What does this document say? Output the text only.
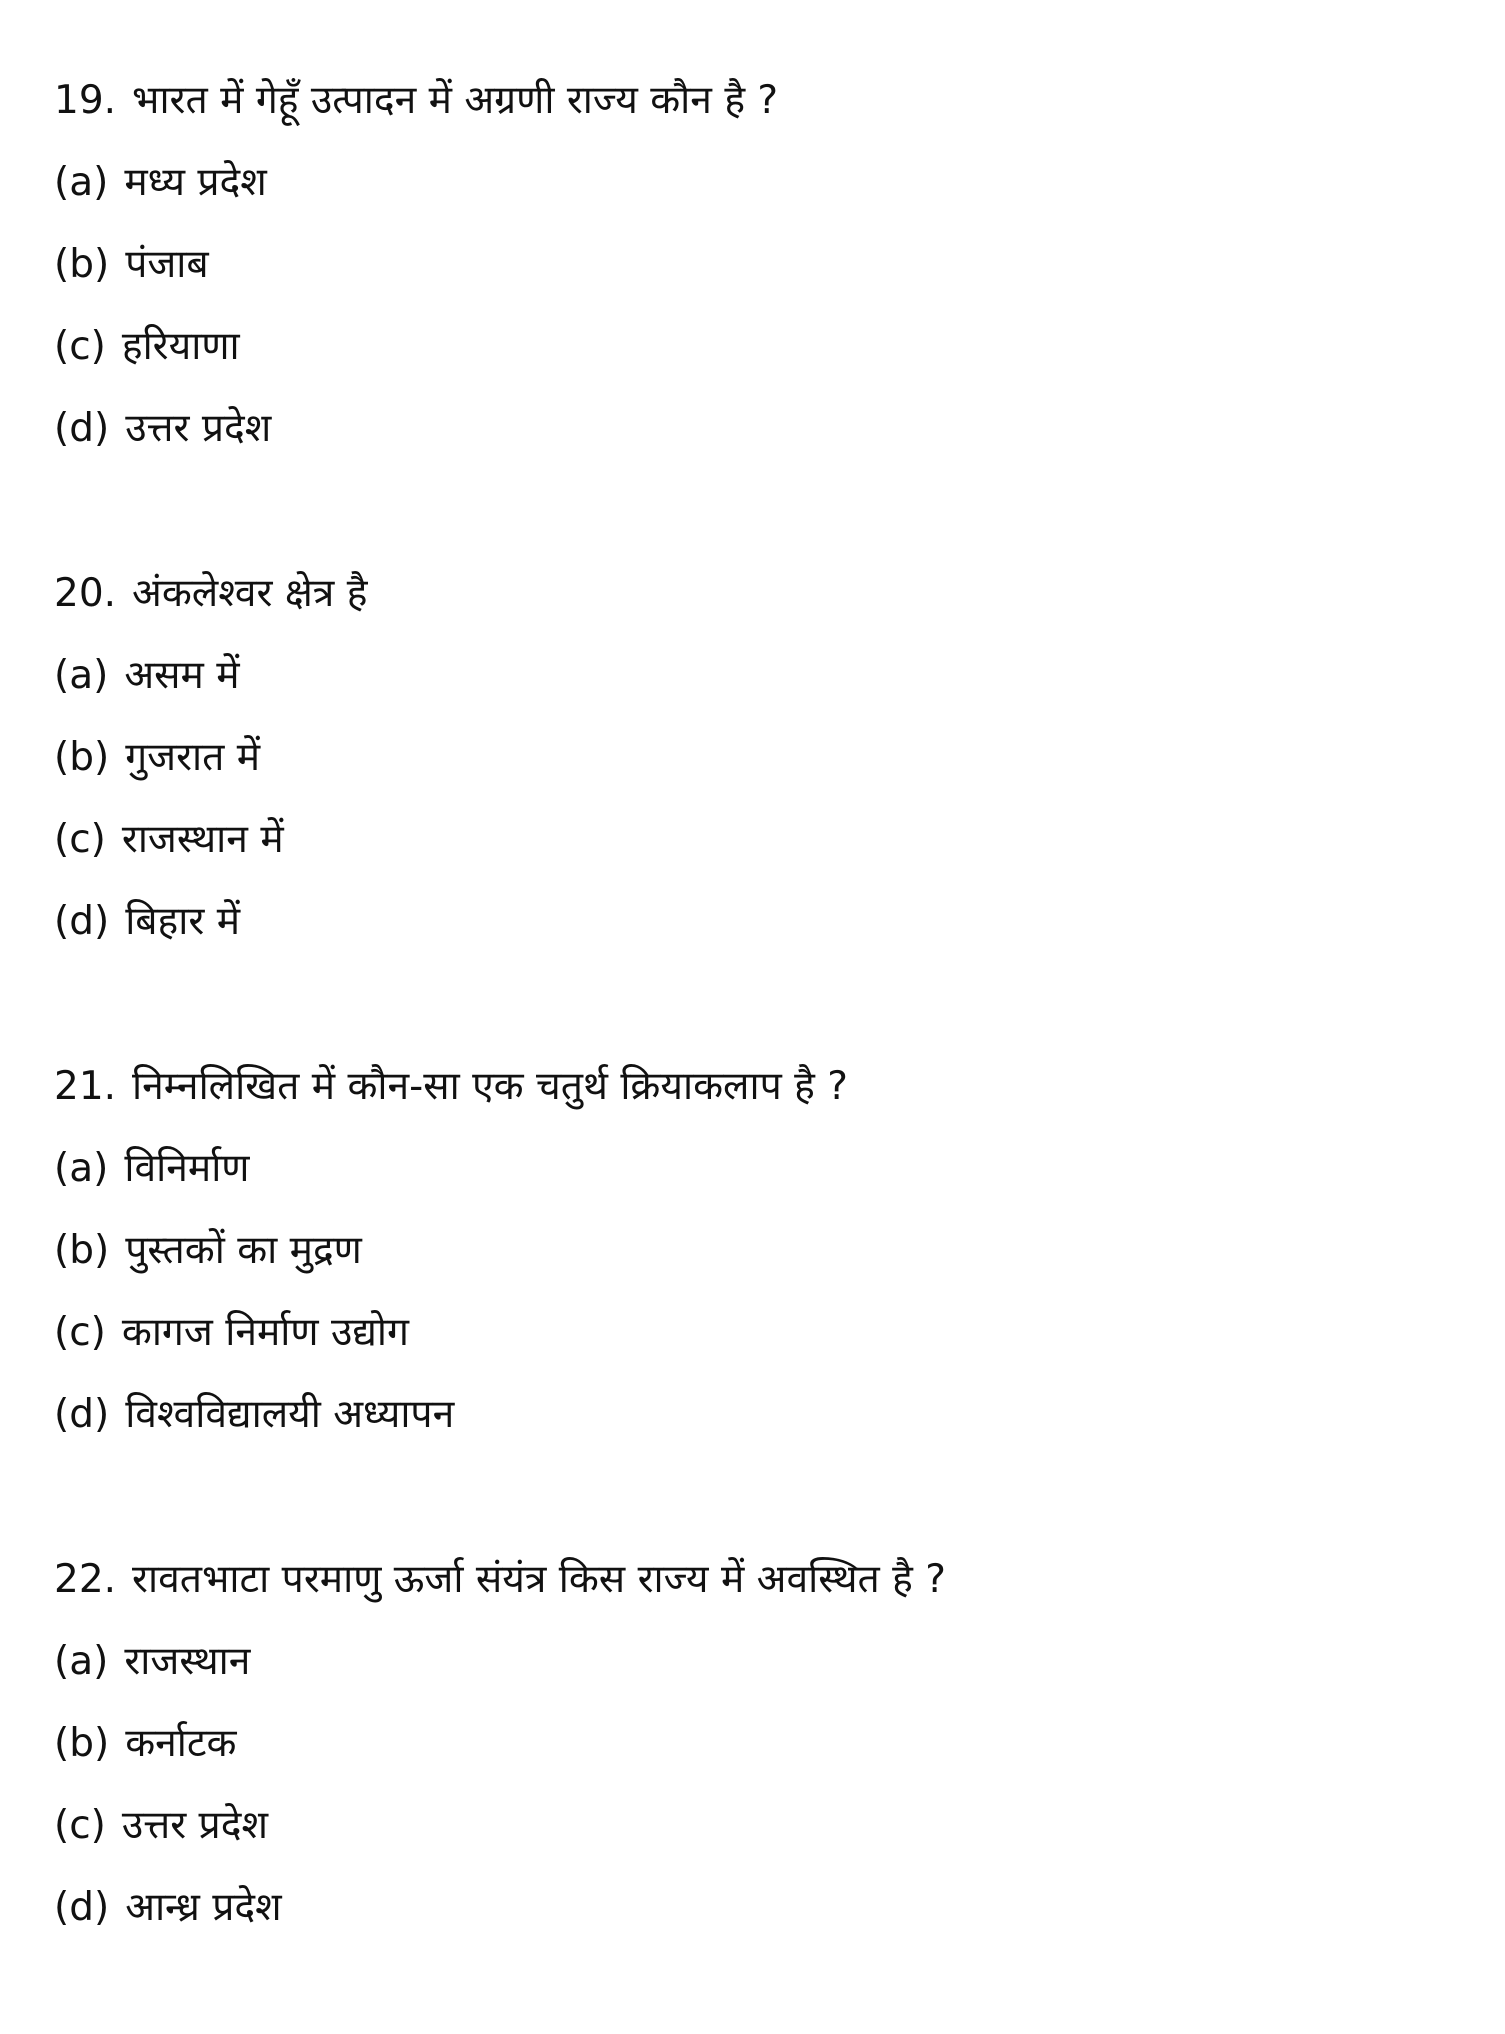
19. भारत में गेहूँ उत्पादन में अग्रणी राज्य कौन है ?
(a) मध्य प्रदेश
(b) पंजाब
(c) हरियाणा
(d) उत्तर प्रदेश
20. अंकलेश्वर क्षेत्र है
(a) असम में
(b) गुजरात में
(c) राजस्थान में
(d) बिहार में
21. निम्नलिखित में कौन-सा एक चतुर्थ क्रियाकलाप है ?
(a) विनिर्माण
(b) पुस्तकों का मुद्रण
(c) कागज निर्माण उद्योग
(d) विश्वविद्यालयी अध्यापन
22. रावतभाटा परमाणु ऊर्जा संयंत्र किस राज्य में अवस्थित है ?
(a) राजस्थान
(b) कर्नाटक
(c) उत्तर प्रदेश
(d) आन्ध्र प्रदेश
